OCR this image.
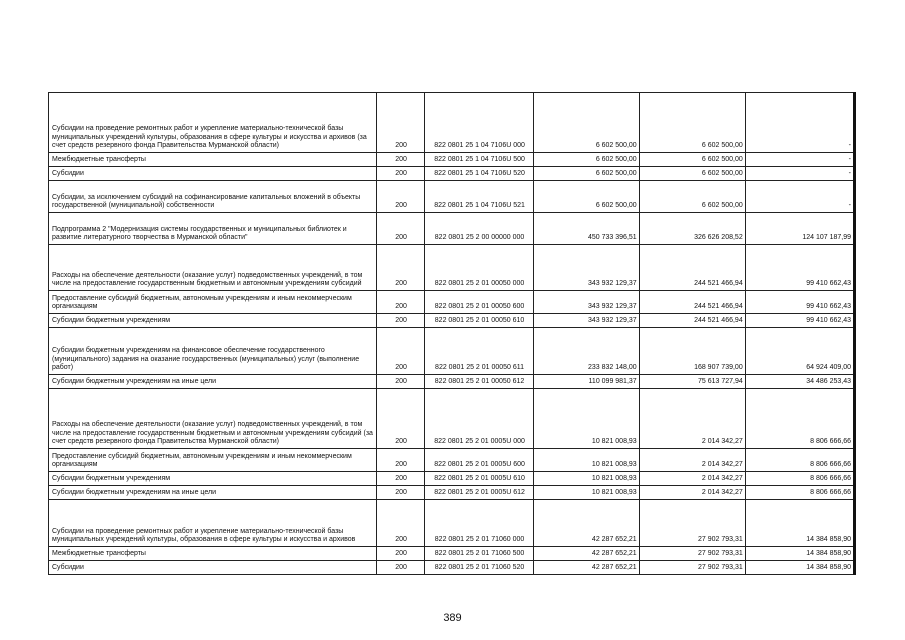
Субсидии на проведение ремонтных работ и укрепление материально-технической базы муниципальных учреждений культуры, образования в сфере культуры и искусства и архивов (за счет средств резервного фонда Правительства Мурманской области)	200	822 0801 25 1 04 7106U 000	6 602 500,00	6 602 500,00	-
Межбюджетные трансферты	200	822 0801 25 1 04 7106U 500	6 602 500,00	6 602 500,00	-
Субсидии	200	822 0801 25 1 04 7106U 520	6 602 500,00	6 602 500,00	-
Субсидии, за исключением субсидий на софинансирование капитальных вложений в объекты государственной (муниципальной) собственности	200	822 0801 25 1 04 7106U 521	6 602 500,00	6 602 500,00	-
Подпрограмма 2 "Модернизация системы государственных и муниципальных библиотек и развитие литературного творчества в Мурманской области"	200	822 0801 25 2 00 00000 000	450 733 396,51	326 626 208,52	124 107 187,99
Расходы на обеспечение деятельности (оказание услуг) подведомственных учреждений, в том числе на предоставление государственным бюджетным и автономным учреждениям субсидий	200	822 0801 25 2 01 00050 000	343 932 129,37	244 521 466,94	99 410 662,43
Предоставление субсидий бюджетным, автономным учреждениям и иным некоммерческим организациям	200	822 0801 25 2 01 00050 600	343 932 129,37	244 521 466,94	99 410 662,43
Субсидии бюджетным учреждениям	200	822 0801 25 2 01 00050 610	343 932 129,37	244 521 466,94	99 410 662,43
Субсидии бюджетным учреждениям на финансовое обеспечение государственного (муниципального) задания на оказание государственных (муниципальных) услуг (выполнение работ)	200	822 0801 25 2 01 00050 611	233 832 148,00	168 907 739,00	64 924 409,00
Субсидии бюджетным учреждениям на иные цели	200	822 0801 25 2 01 00050 612	110 099 981,37	75 613 727,94	34 486 253,43
Расходы на обеспечение деятельности (оказание услуг) подведомственных учреждений, в том числе на предоставление государственным бюджетным и автономным учреждениям субсидий (за счет средств резервного фонда Правительства Мурманской области)	200	822 0801 25 2 01 0005U 000	10 821 008,93	2 014 342,27	8 806 666,66
Предоставление субсидий бюджетным, автономным учреждениям и иным некоммерческим организациям	200	822 0801 25 2 01 0005U 600	10 821 008,93	2 014 342,27	8 806 666,66
Субсидии бюджетным учреждениям	200	822 0801 25 2 01 0005U 610	10 821 008,93	2 014 342,27	8 806 666,66
Субсидии бюджетным учреждениям на иные цели	200	822 0801 25 2 01 0005U 612	10 821 008,93	2 014 342,27	8 806 666,66
Субсидии на проведение ремонтных работ и укрепление материально-технической базы муниципальных учреждений культуры, образования в сфере культуры и искусства и архивов	200	822 0801 25 2 01 71060 000	42 287 652,21	27 902 793,31	14 384 858,90
Межбюджетные трансферты	200	822 0801 25 2 01 71060 500	42 287 652,21	27 902 793,31	14 384 858,90
Субсидии	200	822 0801 25 2 01 71060 520	42 287 652,21	27 902 793,31	14 384 858,90
389
